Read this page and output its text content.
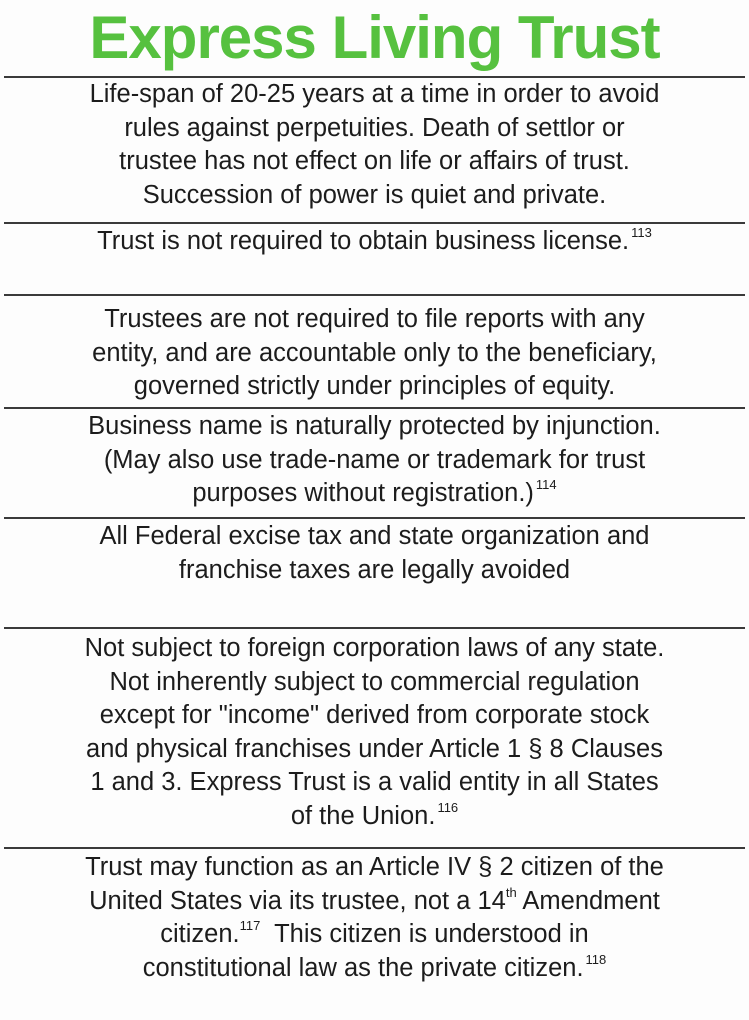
Express Living Trust

Life-span of 20-25 years at a time in order to avoid

rules against perpetuities. Death of settlor or

trustee has not effect on life or affairs of trust.

Succession of power is quiet and private.

Trust is not required to obtain business license. $^{113}$

Trustees are not required to file reports with any

entity, and are accountable only to the beneficiary,

governed strictly under principles of equity.

Business name is naturally protected by injunction.

(May also use trade-name or trademark for trust

purposes without registration.) $^{114}$

All Federal excise tax and state organization and

franchise taxes are legally avoided

Not subject to foreign corporation laws of any state.

Not inherently subject to commercial regulation

except for "income" derived from corporate stock

and physical franchises under Article 1 § 8 Clauses

1 and 3. Express Trust is a valid entity in all States

of the Union. $^{116}$

Trust may function as an Article IV § 2 citizen of the

United States via its trustee, not a 14th Amendment

citizen.$^{117}$  This citizen is understood in

constitutional law as the private citizen. $^{118}$
